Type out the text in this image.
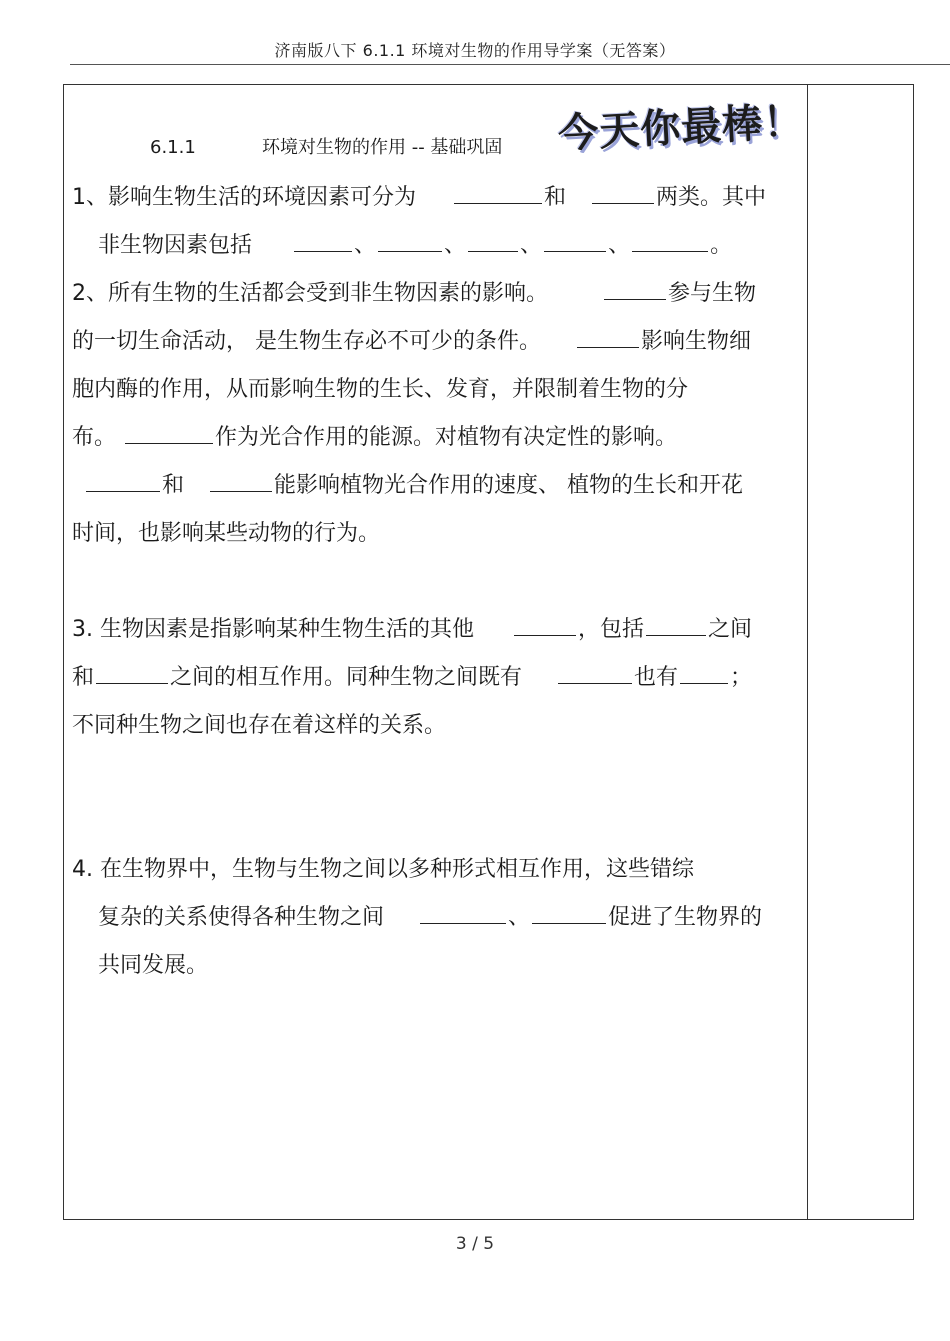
济南版八下 6.1.1 环境对生物的作用导学案（无答案）
6.1.1	环境对生物的作用 -- 基础巩固 今天你最棒！
1、影响生物生活的环境因素可分为	和	两类。其中
非生物因素包括	、	、 、	、	。
2、所有生物的生活都会受到非生物因素的影响。	参与生物
的一切生命活动， 是生物生存必不可少的条件。	影响生物细
胞内酶的作用，从而影响生物的生长、发育，并限制着生物的分
布。	作为光合作用的能源。对植物有决定性的影响。
和	能影响植物光合作用的速度、 植物的生长和开花
时间，也影响某些动物的行为。
3. 生物因素是指影响某种生物生活的其他	，包括	之间
和	之间的相互作用。同种生物之间既有	也有 ；
不同种生物之间也存在着这样的关系。
4. 在生物界中，生物与生物之间以多种形式相互作用，这些错综
复杂的关系使得各种生物之间	、	促进了生物界的
共同发展。
3 / 5
